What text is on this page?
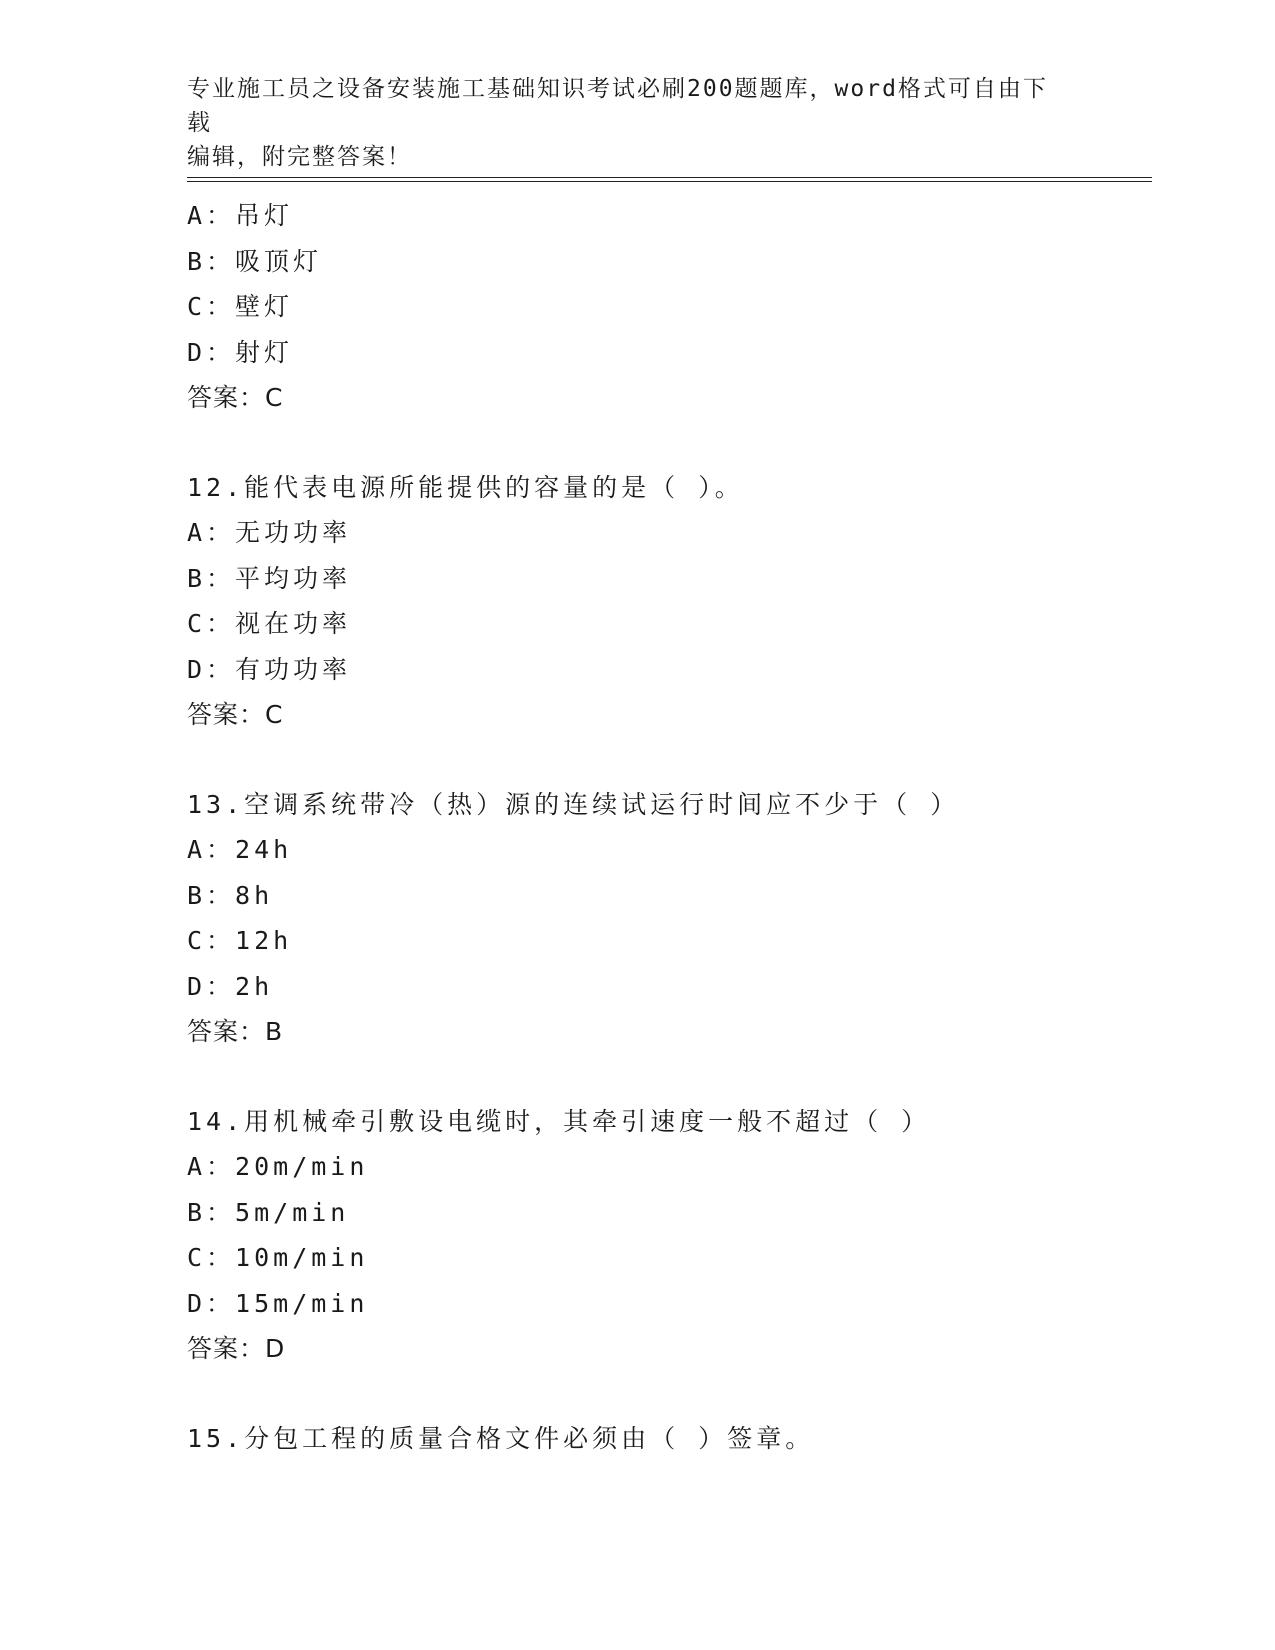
专业施工员之设备安装施工基础知识考试必刷200题题库，word格式可自由下载
编辑，附完整答案！
A：吊灯
B：吸顶灯
C：壁灯
D：射灯
答案：C
12.能代表电源所能提供的容量的是（ ）。
A：无功功率
B：平均功率
C：视在功率
D：有功功率
答案：C
13.空调系统带冷（热）源的连续试运行时间应不少于（ ）
A：24h
B：8h
C：12h
D：2h
答案：B
14.用机械牵引敷设电缆时，其牵引速度一般不超过（ ）
A：20m/min
B：5m/min
C：10m/min
D：15m/min
答案：D
15.分包工程的质量合格文件必须由（ ）签章。
